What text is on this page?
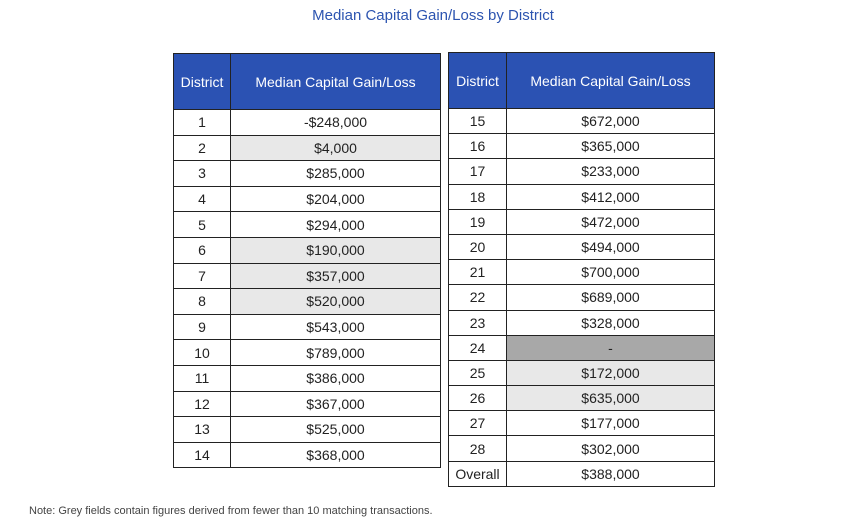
Median Capital Gain/Loss by District
District	Median Capital Gain/Loss
1	-$248,000
2	$4,000
3	$285,000
4	$204,000
5	$294,000
6	$190,000
7	$357,000
8	$520,000
9	$543,000
10	$789,000
11	$386,000
12	$367,000
13	$525,000
14	$368,000
District	Median Capital Gain/Loss
15	$672,000
16	$365,000
17	$233,000
18	$412,000
19	$472,000
20	$494,000
21	$700,000
22	$689,000
23	$328,000
24	-
25	$172,000
26	$635,000
27	$177,000
28	$302,000
Overall	$388,000
Note: Grey fields contain figures derived from fewer than 10 matching transactions.
